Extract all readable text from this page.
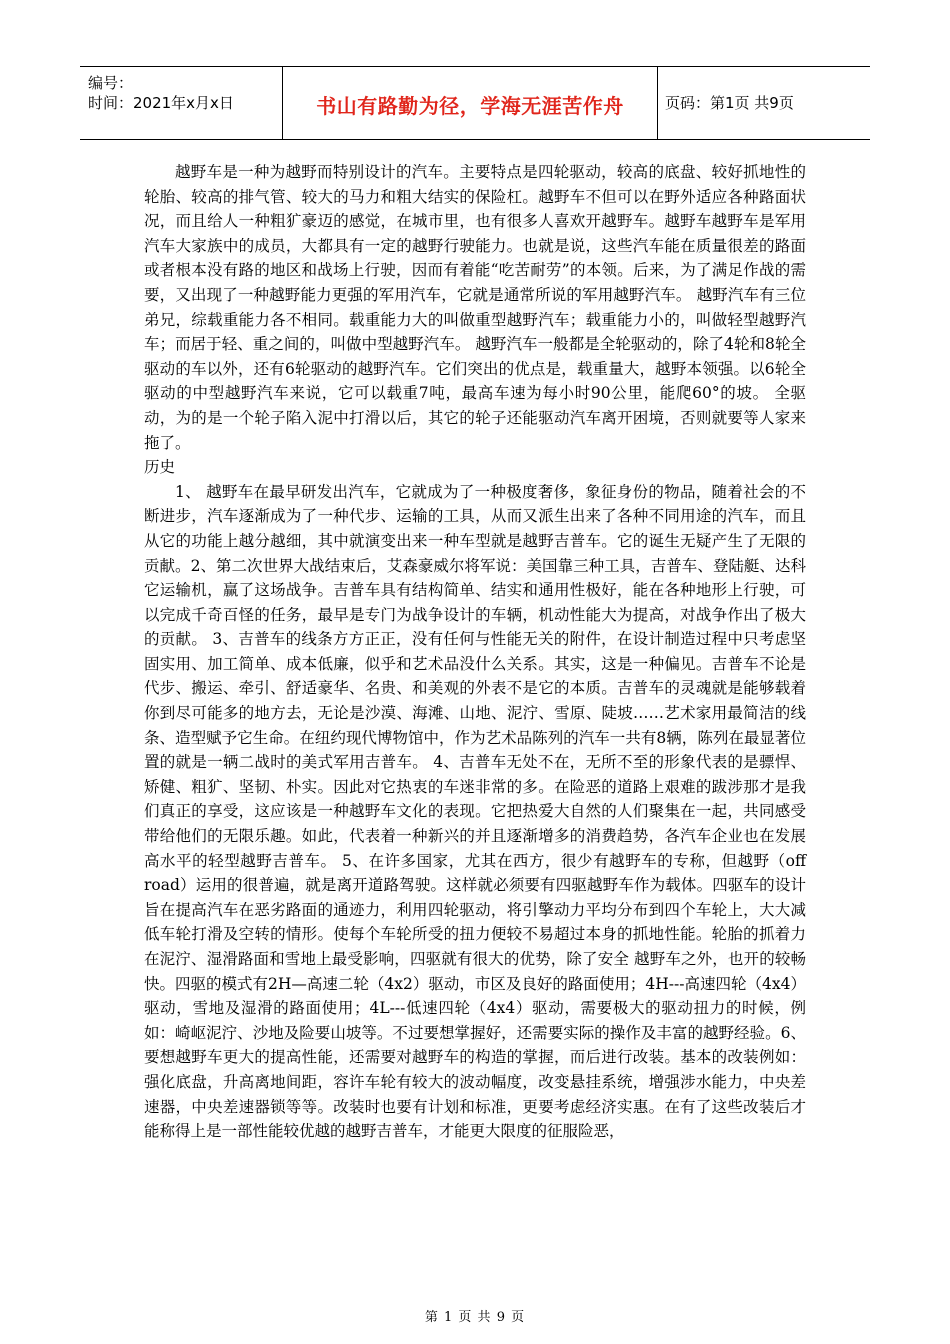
编号：
时间：2021年x月x日	书山有路勤为径，学海无涯苦作舟	页码：第1页 共9页

越野车是一种为越野而特别设计的汽车。主要特点是四轮驱动，较高的底盘、较好抓地性的轮胎、较高的排气管、较大的马力和粗大结实的保险杠。越野车不但可以在野外适应各种路面状况，而且给人一种粗犷豪迈的感觉，在城市里，也有很多人喜欢开越野车。越野车越野车是军用汽车大家族中的成员，大都具有一定的越野行驶能力。也就是说，这些汽车能在质量很差的路面或者根本没有路的地区和战场上行驶，因而有着能“吃苦耐劳”的本领。后来，为了满足作战的需要，又出现了一种越野能力更强的军用汽车，它就是通常所说的军用越野汽车。 越野汽车有三位弟兄，综载重能力各不相同。载重能力大的叫做重型越野汽车；载重能力小的，叫做轻型越野汽车；而居于轻、重之间的，叫做中型越野汽车。 越野汽车一般都是全轮驱动的，除了4轮和8轮全驱动的车以外，还有6轮驱动的越野汽车。它们突出的优点是，载重量大，越野本领强。以6轮全驱动的中型越野汽车来说，它可以载重7吨，最高车速为每小时90公里，能爬60°的坡。 全驱动，为的是一个轮子陷入泥中打滑以后，其它的轮子还能驱动汽车离开困境，否则就要等人家来拖了。

历史

1、 越野车在最早研发出汽车，它就成为了一种极度奢侈，象征身份的物品，随着社会的不断进步，汽车逐渐成为了一种代步、运输的工具，从而又派生出来了各种不同用途的汽车，而且从它的功能上越分越细，其中就演变出来一种车型就是越野吉普车。它的诞生无疑产生了无限的贡献。2、第二次世界大战结束后，艾森豪威尔将军说：美国靠三种工具，吉普车、登陆艇、达科它运输机，赢了这场战争。吉普车具有结构简单、结实和通用性极好，能在各种地形上行驶，可以完成千奇百怪的任务，最早是专门为战争设计的车辆，机动性能大为提高，对战争作出了极大的贡献。 3、吉普车的线条方方正正，没有任何与性能无关的附件，在设计制造过程中只考虑坚固实用、加工简单、成本低廉，似乎和艺术品没什么关系。其实，这是一种偏见。吉普车不论是代步、搬运、牵引、舒适豪华、名贵、和美观的外表不是它的本质。吉普车的灵魂就是能够载着你到尽可能多的地方去，无论是沙漠、海滩、山地、泥泞、雪原、陡坡……艺术家用最简洁的线条、造型赋予它生命。在纽约现代博物馆中，作为艺术品陈列的汽车一共有8辆，陈列在最显著位置的就是一辆二战时的美式军用吉普车。 4、吉普车无处不在，无所不至的形象代表的是骠悍、矫健、粗犷、坚韧、朴实。因此对它热衷的车迷非常的多。在险恶的道路上艰难的跋涉那才是我们真正的享受，这应该是一种越野车文化的表现。它把热爱大自然的人们聚集在一起，共同感受带给他们的无限乐趣。如此，代表着一种新兴的并且逐渐增多的消费趋势，各汽车企业也在发展高水平的轻型越野吉普车。 5、在许多国家，尤其在西方，很少有越野车的专称，但越野（off road）运用的很普遍，就是离开道路驾驶。这样就必须要有四驱越野车作为载体。四驱车的设计旨在提高汽车在恶劣路面的通迹力，利用四轮驱动，将引擎动力平均分布到四个车轮上，大大减低车轮打滑及空转的情形。使每个车轮所受的扭力便较不易超过本身的抓地性能。轮胎的抓着力在泥泞、湿滑路面和雪地上最受影响，四驱就有很大的优势，除了安全 越野车之外，也开的较畅快。四驱的模式有2H—高速二轮（4x2）驱动，市区及良好的路面使用；4H---高速四轮（4x4）驱动，雪地及湿滑的路面使用；4L---低速四轮（4x4）驱动，需要极大的驱动扭力的时候，例如：崎岖泥泞、沙地及险要山坡等。不过要想掌握好，还需要实际的操作及丰富的越野经验。6、要想越野车更大的提高性能，还需要对越野车的构造的掌握，而后进行改装。基本的改装例如：强化底盘，升高离地间距，容许车轮有较大的波动幅度，改变悬挂系统，增强涉水能力，中央差速器，中央差速器锁等等。改装时也要有计划和标准，更要考虑经济实惠。在有了这些改装后才能称得上是一部性能较优越的越野吉普车，才能更大限度的征服险恶，

第 1 页 共 9 页
